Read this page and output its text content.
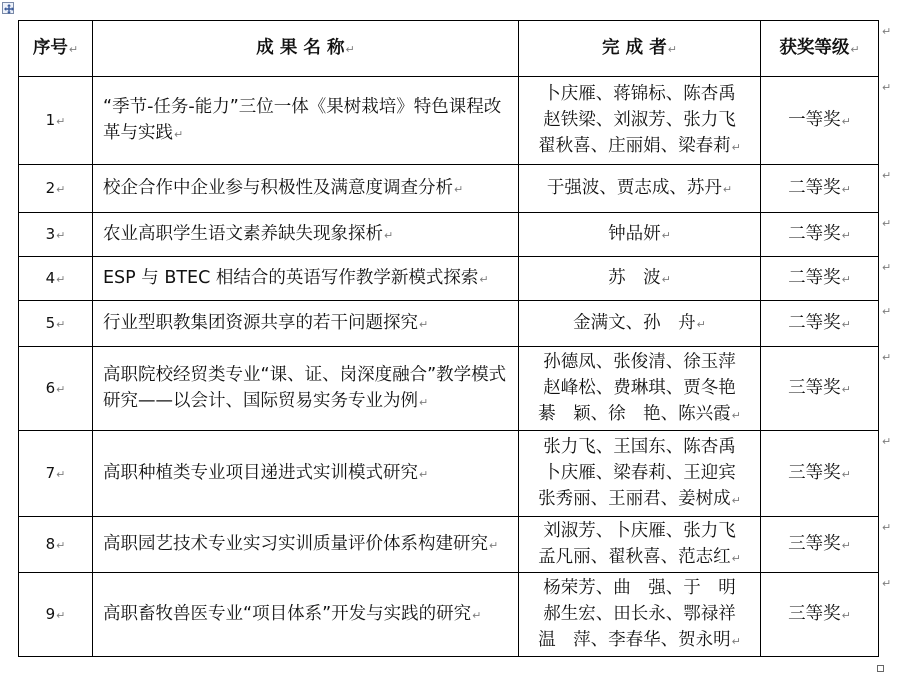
序号↵	成 果 名 称↵	完 成 者↵	获奖等级↵
1↵	“季节-任务-能力”三位一体《果树栽培》特色课程改革与实践↵	卜庆雁、蒋锦标、陈杏禹
赵铁梁、刘淑芳、张力飞
翟秋喜、庄丽娟、梁春莉↵	一等奖↵
2↵	校企合作中企业参与积极性及满意度调查分析↵	于强波、贾志成、苏丹↵	二等奖↵
3↵	农业高职学生语文素养缺失现象探析↵	钟品妍↵	二等奖↵
4↵	ESP 与 BTEC 相结合的英语写作教学新模式探索↵	苏　波↵	二等奖↵
5↵	行业型职教集团资源共享的若干问题探究↵	金满文、孙　舟↵	二等奖↵
6↵	高职院校经贸类专业“课、证、岗深度融合”教学模式研究——以会计、国际贸易实务专业为例↵	孙德凤、张俊清、徐玉萍
赵峰松、费琳琪、贾冬艳
綦　颖、徐　艳、陈兴霞↵	三等奖↵
7↵	高职种植类专业项目递进式实训模式研究↵	张力飞、王国东、陈杏禹
卜庆雁、梁春莉、王迎宾
张秀丽、王丽君、姜树成↵	三等奖↵
8↵	高职园艺技术专业实习实训质量评价体系构建研究↵	刘淑芳、卜庆雁、张力飞
孟凡丽、翟秋喜、范志红↵	三等奖↵
9↵	高职畜牧兽医专业“项目体系”开发与实践的研究↵	杨荣芳、曲　强、于　明
郝生宏、田长永、鄂禄祥
温　萍、李春华、贺永明↵	三等奖↵
↵
↵
↵
↵
↵
↵
↵
↵
↵
↵
